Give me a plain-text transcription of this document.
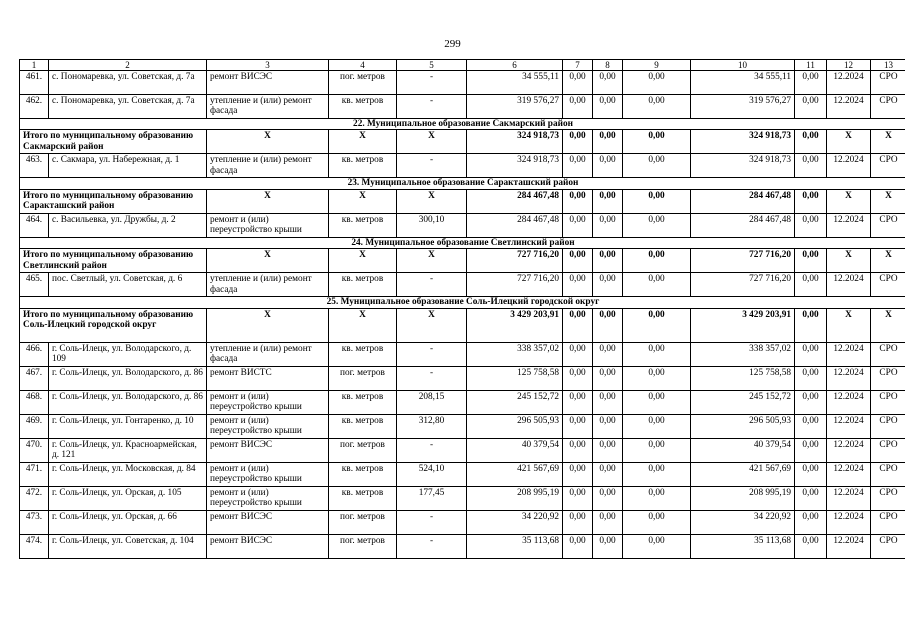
299
1	2	3	4	5	6	7	8	9	10	11	12	13
461.	с. Пономаревка, ул. Советская, д. 7а	ремонт ВИСЭС	пог. метров	-	34 555,11	0,00	0,00	0,00	34 555,11	0,00	12.2024	СРО
462.	с. Пономаревка, ул. Советская, д. 7а	утепление и (или) ремонт фасада	кв. метров	-	319 576,27	0,00	0,00	0,00	319 576,27	0,00	12.2024	СРО
22. Муниципальное образование Сакмарский район												
Итого по муниципальному образованию Сакмарский район		Х	Х	Х	324 918,73	0,00	0,00	0,00	324 918,73	0,00	Х	Х
463.	с. Сакмара, ул. Набережная, д. 1	утепление и (или) ремонт фасада	кв. метров	-	324 918,73	0,00	0,00	0,00	324 918,73	0,00	12.2024	СРО
23. Муниципальное образование Саракташский район												
Итого по муниципальному образованию Саракташский район		Х	Х	Х	284 467,48	0,00	0,00	0,00	284 467,48	0,00	Х	Х
464.	с. Васильевка, ул. Дружбы, д. 2	ремонт и (или) переустройство крыши	кв. метров	300,10	284 467,48	0,00	0,00	0,00	284 467,48	0,00	12.2024	СРО
24. Муниципальное образование Светлинский район												
Итого по муниципальному образованию Светлинский район		Х	Х	Х	727 716,20	0,00	0,00	0,00	727 716,20	0,00	Х	Х
465.	пос. Светлый, ул. Советская, д. 6	утепление и (или) ремонт фасада	кв. метров	-	727 716,20	0,00	0,00	0,00	727 716,20	0,00	12.2024	СРО
25. Муниципальное образование Соль-Илецкий городской округ												
Итого по муниципальному образованию Соль-Илецкий городской округ		Х	Х	Х	3 429 203,91	0,00	0,00	0,00	3 429 203,91	0,00	Х	Х
466.	г. Соль-Илецк, ул. Володарского, д. 109	утепление и (или) ремонт фасада	кв. метров	-	338 357,02	0,00	0,00	0,00	338 357,02	0,00	12.2024	СРО
467.	г. Соль-Илецк, ул. Володарского, д. 86	ремонт ВИСТС	пог. метров	-	125 758,58	0,00	0,00	0,00	125 758,58	0,00	12.2024	СРО
468.	г. Соль-Илецк, ул. Володарского, д. 86	ремонт и (или) переустройство крыши	кв. метров	208,15	245 152,72	0,00	0,00	0,00	245 152,72	0,00	12.2024	СРО
469.	г. Соль-Илецк, ул. Гонтаренко, д. 10	ремонт и (или) переустройство крыши	кв. метров	312,80	296 505,93	0,00	0,00	0,00	296 505,93	0,00	12.2024	СРО
470.	г. Соль-Илецк, ул. Красноармейская, д. 121	ремонт ВИСЭС	пог. метров	-	40 379,54	0,00	0,00	0,00	40 379,54	0,00	12.2024	СРО
471.	г. Соль-Илецк, ул. Московская, д. 84	ремонт и (или) переустройство крыши	кв. метров	524,10	421 567,69	0,00	0,00	0,00	421 567,69	0,00	12.2024	СРО
472.	г. Соль-Илецк, ул. Орская, д. 105	ремонт и (или) переустройство крыши	кв. метров	177,45	208 995,19	0,00	0,00	0,00	208 995,19	0,00	12.2024	СРО
473.	г. Соль-Илецк, ул. Орская, д. 66	ремонт ВИСЭС	пог. метров	-	34 220,92	0,00	0,00	0,00	34 220,92	0,00	12.2024	СРО
474.	г. Соль-Илецк, ул. Советская, д. 104	ремонт ВИСЭС	пог. метров	-	35 113,68	0,00	0,00	0,00	35 113,68	0,00	12.2024	СРО
